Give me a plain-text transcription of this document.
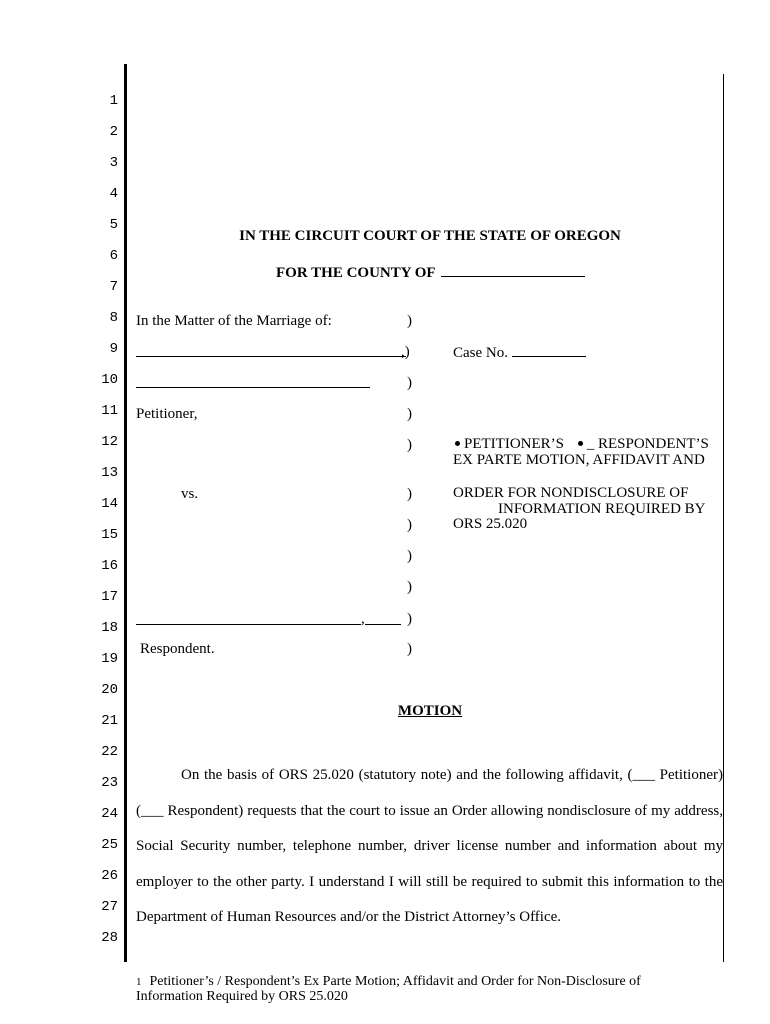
1
2
3
4
5
6
7
8
9
10
11
12
13
14
15
16
17
18
19
20
21
22
23
24
25
26
27
28
IN THE CIRCUIT COURT OF THE STATE OF OREGON
FOR THE COUNTY OF
In the Matter of the Marriage of:
Petitioner,
vs.
,
Respondent.
)
,)
)
)
)
)
)
)
)
)
)
Case No.
PETITIONER’S _ RESPONDENT’S
EX PARTE MOTION, AFFIDAVIT AND
ORDER FOR NONDISCLOSURE OF
INFORMATION REQUIRED BY
ORS 25.020
MOTION
On the basis of ORS 25.020 (statutory note) and the following affidavit, (___ Petitioner)
(___ Respondent) requests that the court to issue an Order allowing nondisclosure of my address,
Social Security number, telephone number, driver license number and information about my
employer to the other party. I understand I will still be required to submit this information to the
Department of Human Resources and/or the District Attorney’s Office.
1 Petitioner’s / Respondent’s Ex Parte Motion; Affidavit and Order for Non-Disclosure of
Information Required by ORS 25.020
